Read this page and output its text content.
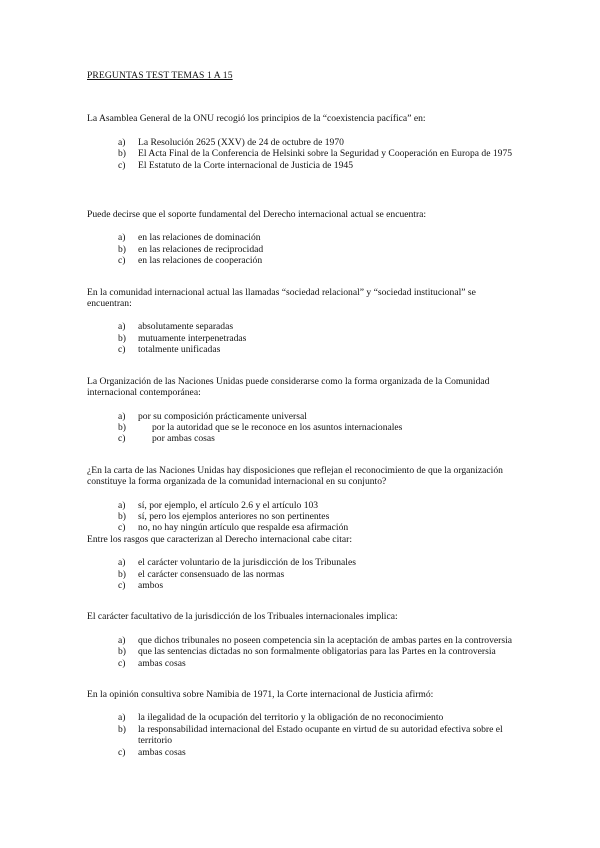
PREGUNTAS TEST TEMAS 1 A 15

La Asamblea General de la ONU recogió los principios de la “coexistencia pacífica” en:

a)	La Resolución 2625 (XXV) de 24 de octubre de 1970
b)	El Acta Final de la Conferencia de Helsinki sobre la Seguridad y Cooperación en Europa de 1975
c)	El Estatuto de la Corte internacional de Justicia de 1945

Puede decirse que el soporte fundamental del Derecho internacional actual se encuentra:

a)	en las relaciones de dominación
b)	en las relaciones de reciprocidad
c)	en las relaciones de cooperación

En la comunidad internacional actual las llamadas “sociedad relacional” y “sociedad institucional” se encuentran:

a)	absolutamente separadas
b)	mutuamente interpenetradas
c)	totalmente unificadas

La Organización de las Naciones Unidas puede considerarse como la forma organizada de la Comunidad internacional contemporánea:

a)	por su composición prácticamente universal
b)	por la autoridad que se le reconoce en los asuntos internacionales
c)	por ambas cosas

¿En la carta de las Naciones Unidas hay disposiciones que reflejan el reconocimiento de que la organización constituye la forma organizada de la comunidad internacional en su conjunto?

a)	sí, por ejemplo, el artículo 2.6 y el artículo 103
b)	sí, pero los ejemplos anteriores no son pertinentes
c)	no, no hay ningún artículo que respalde esa afirmación

Entre los rasgos que caracterizan al Derecho internacional cabe citar:

a)	el carácter voluntario de la jurisdicción de los Tribunales
b)	el carácter consensuado de las normas
c)	ambos

El carácter facultativo de la jurisdicción de los Tribuales internacionales implica:

a)	que dichos tribunales no poseen competencia sin la aceptación de ambas partes en la controversia
b)	que las sentencias dictadas no son formalmente obligatorias para las Partes en la controversia
c)	ambas cosas

En la opinión consultiva sobre Namibia de 1971, la Corte internacional de Justicia afirmó:

a)	la ilegalidad de la ocupación del territorio y la obligación de no reconocimiento
b)	la responsabilidad internacional del Estado ocupante en virtud de su autoridad efectiva sobre el territorio
c)	ambas cosas
